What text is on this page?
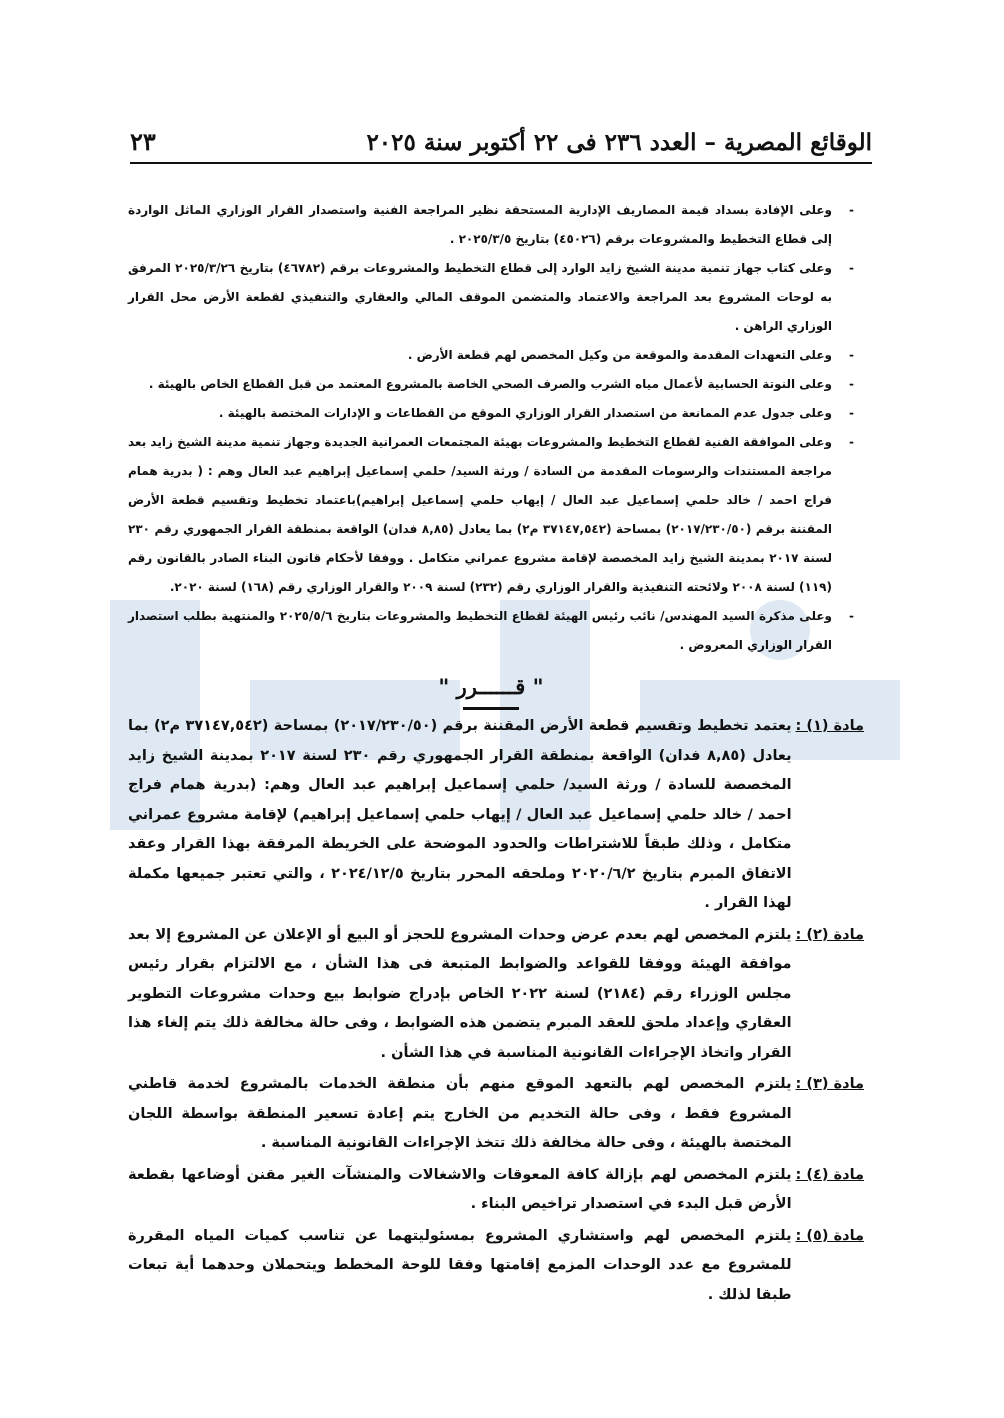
الوقائع المصرية – العدد ٢٣٦ فى ٢٢ أكتوبر سنة ٢٠٢٥
٢٣
-
وعلى الإفادة بسداد قيمة المصاريف الإدارية المستحقة نظير المراجعة الفنية واستصدار القرار الوزاري الماثل الواردة إلى قطاع التخطيط والمشروعات برقم (٤٥٠٢٦) بتاريخ ٢٠٢٥/٣/٥ .
-
وعلى كتاب جهاز تنمية مدينة الشيخ زايد الوارد إلى قطاع التخطيط والمشروعات برقم (٤٦٧٨٢) بتاريخ ٢٠٢٥/٣/٢٦ المرفق به لوحات المشروع بعد المراجعة والاعتماد والمتضمن الموقف المالي والعقاري والتنفيذي لقطعة الأرض محل القرار الوزاري الراهن .
-
وعلى التعهدات المقدمة والموقعة من وكيل المخصص لهم قطعة الأرض .
-
وعلى النوتة الحسابية لأعمال مياه الشرب والصرف الصحي الخاصة بالمشروع المعتمد من قبل القطاع الخاص بالهيئة .
-
وعلى جدول عدم الممانعة من استصدار القرار الوزاري الموقع من القطاعات و الإدارات المختصة بالهيئة .
-
وعلى الموافقة الفنية لقطاع التخطيط والمشروعات بهيئة المجتمعات العمرانية الجديدة وجهاز تنمية مدينة الشيخ زايد بعد مراجعة المستندات والرسومات المقدمة من السادة / ورثة السيد/ حلمي إسماعيل إبراهيم عبد العال وهم : ( بدرية همام فراج احمد / خالد حلمي إسماعيل عبد العال / إيهاب حلمي إسماعيل إبراهيم)باعتماد تخطيط وتقسيم قطعة الأرض المقننة برقم (٢٠١٧/٢٣٠/٥٠) بمساحة (٣٧١٤٧,٥٤٢ م٢) بما يعادل (٨,٨٥ فدان) الواقعة بمنطقة القرار الجمهوري رقم ٢٣٠ لسنة ٢٠١٧ بمدينة الشيخ زايد المخصصة لإقامة مشروع عمراني متكامل . ووفقا لأحكام قانون البناء الصادر بالقانون رقم (١١٩) لسنة ٢٠٠٨ ولائحته التنفيذية والقرار الوزاري رقم (٢٣٢) لسنة ٢٠٠٩ والقرار الوزاري رقم (١٦٨) لسنة ٢٠٢٠.
-
وعلى مذكرة السيد المهندس/ نائب رئيس الهيئة لقطاع التخطيط والمشروعات بتاريخ ٢٠٢٥/٥/٦ والمنتهية بطلب استصدار القرار الوزاري المعروض .
" قــــــرر "
مادة (١) :
يعتمد تخطيط وتقسيم قطعة الأرض المقننة برقم (٢٠١٧/٢٣٠/٥٠) بمساحة (٣٧١٤٧,٥٤٢ م٢) بما يعادل (٨,٨٥ فدان) الواقعة بمنطقة القرار الجمهوري رقم ٢٣٠ لسنة ٢٠١٧ بمدينة الشيخ زايد المخصصة للسادة / ورثة السيد/ حلمي إسماعيل إبراهيم عبد العال وهم: (بدرية همام فراج احمد / خالد حلمي إسماعيل عبد العال / إيهاب حلمي إسماعيل إبراهيم) لإقامة مشروع عمراني متكامل ، وذلك طبقاً للاشتراطات والحدود الموضحة على الخريطة المرفقة بهذا القرار وعقد الاتفاق المبرم بتاريخ ٢٠٢٠/٦/٢ وملحقه المحرر بتاريخ ٢٠٢٤/١٢/٥ ، والتي تعتبر جميعها مكملة لهذا القرار .
مادة (٢) :
يلتزم المخصص لهم بعدم عرض وحدات المشروع للحجز أو البيع أو الإعلان عن المشروع إلا بعد موافقة الهيئة ووفقا للقواعد والضوابط المتبعة فى هذا الشأن ، مع الالتزام بقرار رئيس مجلس الوزراء رقم (٢١٨٤) لسنة ٢٠٢٢ الخاص بإدراج ضوابط بيع وحدات مشروعات التطوير العقاري وإعداد ملحق للعقد المبرم يتضمن هذه الضوابط ، وفى حالة مخالفة ذلك يتم إلغاء هذا القرار واتخاذ الإجراءات القانونية المناسبة في هذا الشأن .
مادة (٣) :
يلتزم المخصص لهم بالتعهد الموقع منهم بأن منطقة الخدمات بالمشروع لخدمة قاطني المشروع فقط ، وفى حالة التخديم من الخارج يتم إعادة تسعير المنطقة بواسطة اللجان المختصة بالهيئة ، وفى حالة مخالفة ذلك تتخذ الإجراءات القانونية المناسبة .
مادة (٤) :
يلتزم المخصص لهم بإزالة كافة المعوقات والاشغالات والمنشآت الغير مقنن أوضاعها بقطعة الأرض قبل البدء في استصدار تراخيص البناء .
مادة (٥) :
يلتزم المخصص لهم واستشاري المشروع بمسئوليتهما عن تناسب كميات المياه المقررة للمشروع مع عدد الوحدات المزمع إقامتها وفقا للوحة المخطط ويتحملان وحدهما أية تبعات طبقا لذلك .
